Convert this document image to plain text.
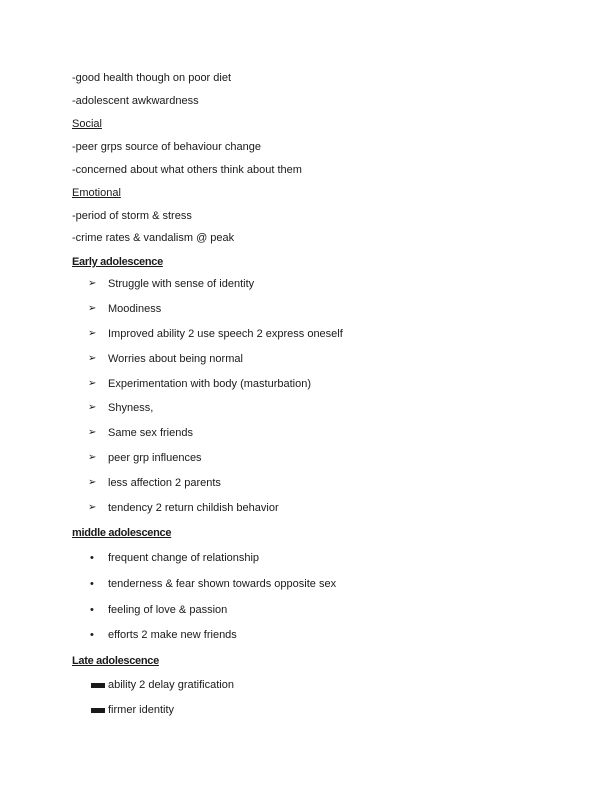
-good health though on poor diet
-adolescent awkwardness
Social
-peer grps source of behaviour change
-concerned about what others think about them
Emotional
-period of storm & stress
-crime rates & vandalism @ peak
Early adolescence
➢	Struggle with sense of identity
➢	Moodiness
➢	Improved ability 2 use speech 2 express oneself
➢	Worries about being normal
➢	Experimentation with body (masturbation)
➢	Shyness,
➢	Same sex friends
➢	peer grp influences
➢	less affection 2 parents
➢	tendency 2 return childish behavior
middle adolescence
•	frequent change of relationship
•	tenderness & fear shown towards opposite sex
•	feeling of love & passion
•	efforts 2 make new friends
Late adolescence
ability 2 delay gratification
firmer identity
